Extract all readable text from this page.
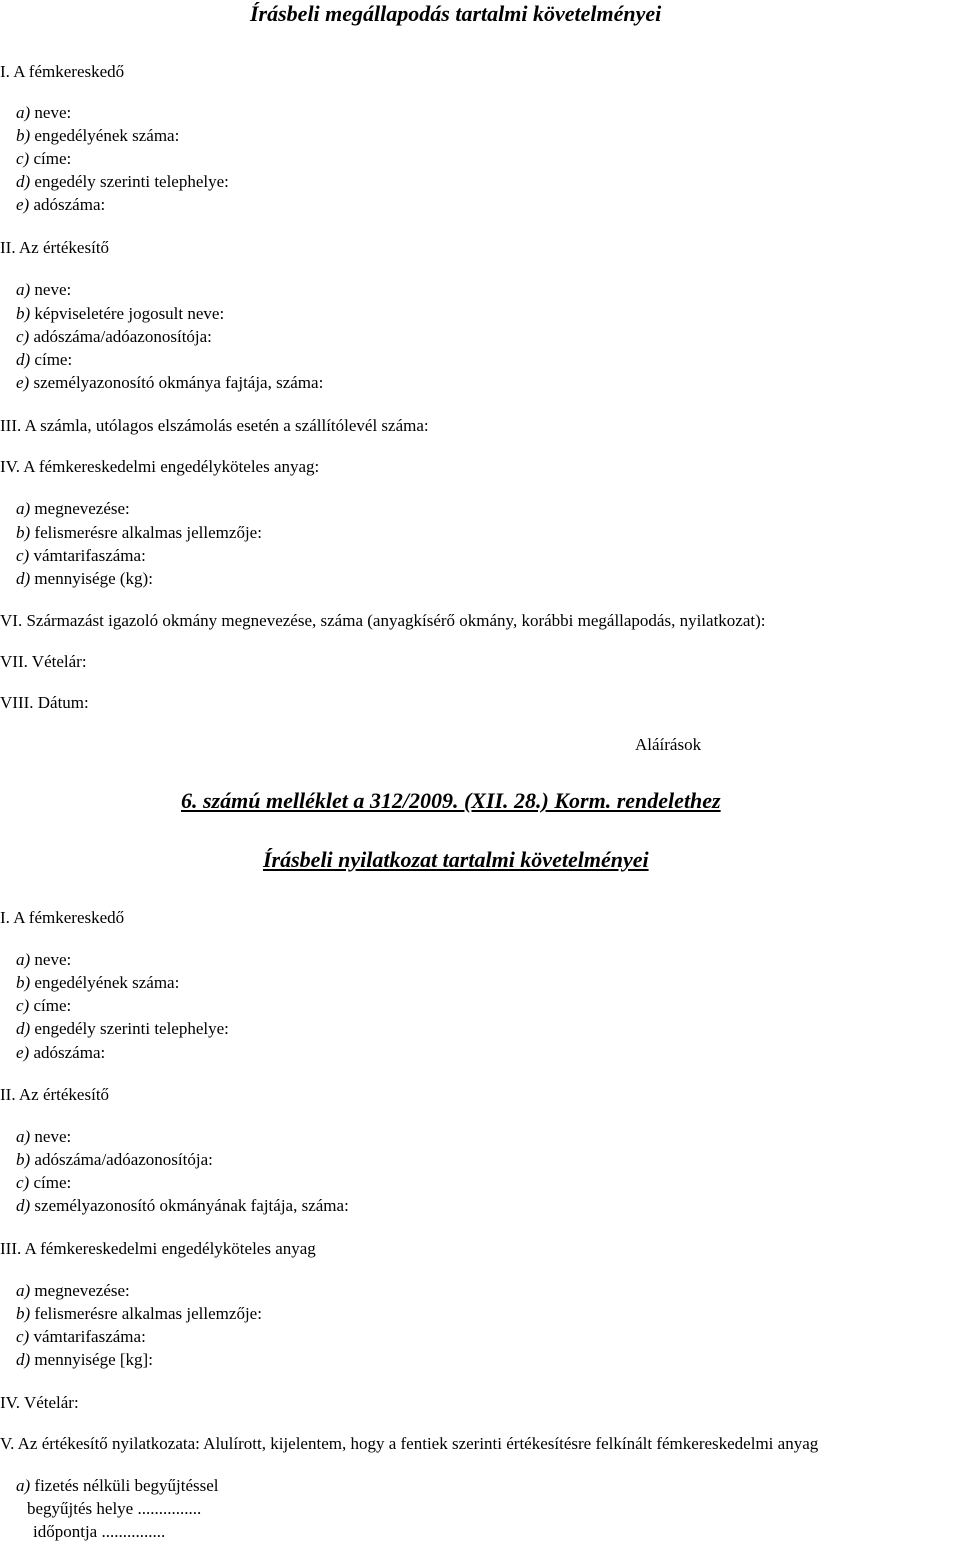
Írásbeli megállapodás tartalmi követelményei
I. A fémkereskedő
a) neve:
b) engedélyének száma:
c) címe:
d) engedély szerinti telephelye:
e) adószáma:
II. Az értékesítő
a) neve:
b) képviseletére jogosult neve:
c) adószáma/adóazonosítója:
d) címe:
e) személyazonosító okmánya fajtája, száma:
III. A számla, utólagos elszámolás esetén a szállítólevél száma:
IV. A fémkereskedelmi engedélyköteles anyag:
a) megnevezése:
b) felismerésre alkalmas jellemzője:
c) vámtarifaszáma:
d) mennyisége (kg):
VI. Származást igazoló okmány megnevezése, száma (anyagkísérő okmány, korábbi megállapodás, nyilatkozat):
VII. Vételár:
VIII. Dátum:
Aláírások
6. számú melléklet a 312/2009. (XII. 28.) Korm. rendelethez
Írásbeli nyilatkozat tartalmi követelményei
I. A fémkereskedő
a) neve:
b) engedélyének száma:
c) címe:
d) engedély szerinti telephelye:
e) adószáma:
II. Az értékesítő
a) neve:
b) adószáma/adóazonosítója:
c) címe:
d) személyazonosító okmányának fajtája, száma:
III. A fémkereskedelmi engedélyköteles anyag
a) megnevezése:
b) felismerésre alkalmas jellemzője:
c) vámtarifaszáma:
d) mennyisége [kg]:
IV. Vételár:
V. Az értékesítő nyilatkozata: Alulírott, kijelentem, hogy a fentiek szerinti értékesítésre felkínált fémkereskedelmi anyag
a) fizetés nélküli begyűjtéssel
begyűjtés helye ...............
időpontja ...............
